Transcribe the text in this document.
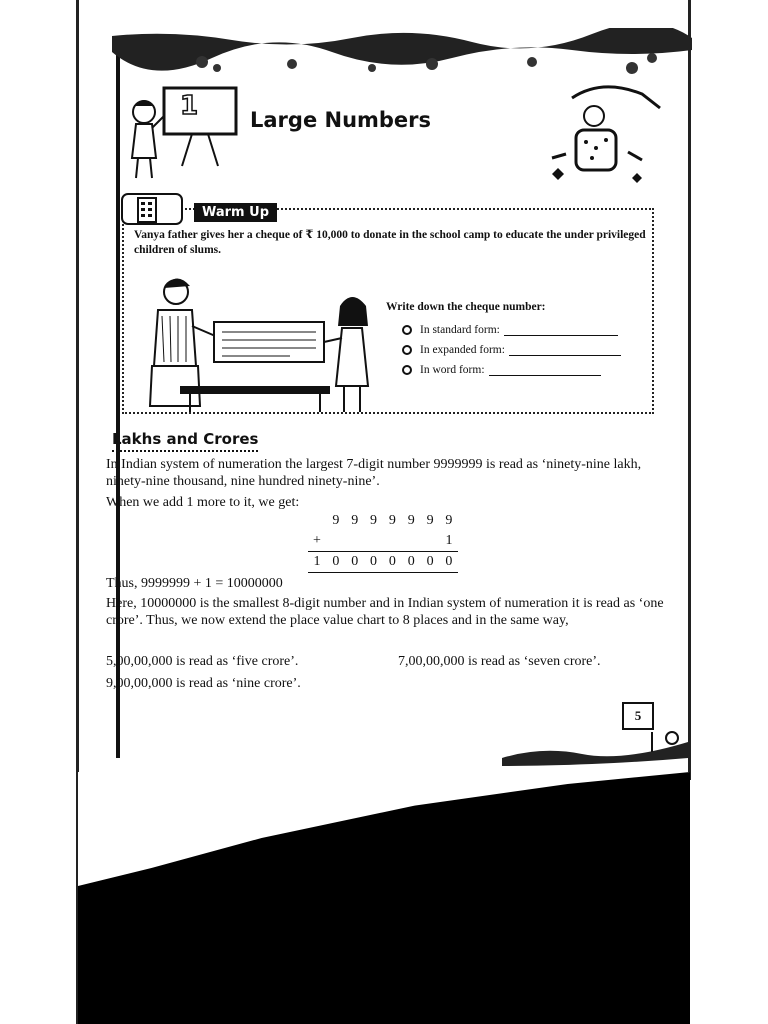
1 Large Numbers
Warm Up
Vanya father gives her a cheque of ₹ 10,000 to donate in the school camp to educate the under privileged children of slums.
Write down the cheque number:
In standard form:
In expanded form:
In word form:
Lakhs and Crores
In Indian system of numeration the largest 7-digit number 9999999 is read as ‘ninety-nine lakh, ninety-nine thousand, nine hundred ninety-nine’.
When we add 1 more to it, we get:
9 9 9 9 9 9 9
+	1
1 0 0 0 0 0 0 0
Thus, 9999999 + 1 = 10000000
Here, 10000000 is the smallest 8-digit number and in Indian system of numeration it is read as ‘one crore’. Thus, we now extend the place value chart to 8 places and in the same way,
5,00,00,000 is read as ‘five crore’.	7,00,00,000 is read as ‘seven crore’.
9,00,00,000 is read as ‘nine crore’.
5
